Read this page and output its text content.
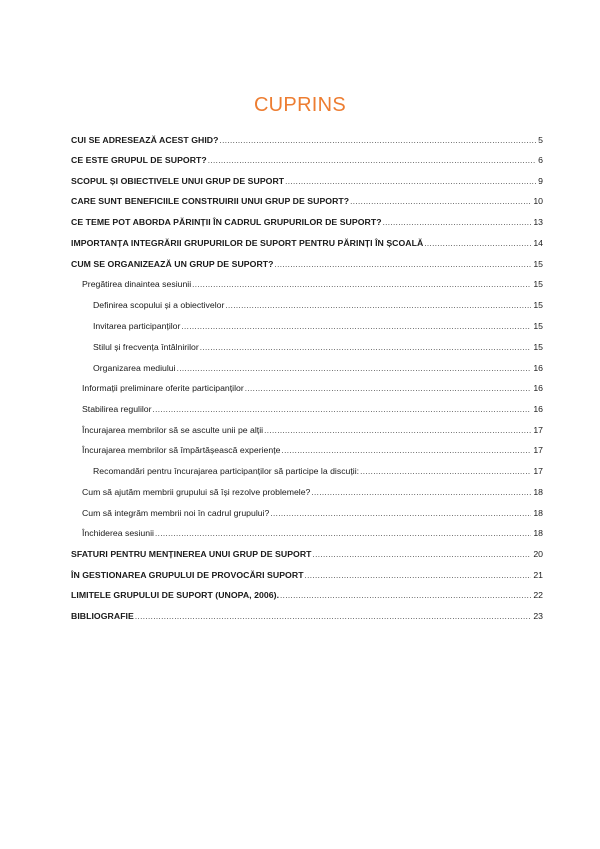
CUPRINS
CUI SE ADRESEAZĂ ACEST GHID? .....	5
CE ESTE GRUPUL DE SUPORT? .....	6
SCOPUL ȘI OBIECTIVELE UNUI GRUP DE SUPORT .....	9
CARE SUNT BENEFICIILE CONSTRUIRII UNUI GRUP DE SUPORT? .....	10
CE TEME POT ABORDA PĂRINȚII ÎN CADRUL GRUPURILOR DE SUPORT? .....	13
IMPORTANȚA INTEGRĂRII GRUPURILOR DE SUPORT PENTRU PĂRINȚI ÎN ȘCOALĂ .....	14
CUM SE ORGANIZEAZĂ UN GRUP DE SUPORT? .....	15
Pregătirea dinaintea sesiunii .....	15
Definirea scopului și a obiectivelor .....	15
Invitarea participanților .....	15
Stilul și frecvența întâlnirilor .....	15
Organizarea mediului .....	16
Informații preliminare oferite participanților .....	16
Stabilirea regulilor .....	16
Încurajarea membrilor să se asculte unii pe alții .....	17
Încurajarea membrilor să împărtășească experiențe .....	17
Recomandări pentru încurajarea participanților să participe la discuții: .....	17
Cum să ajutăm membrii grupului să își rezolve problemele? .....	18
Cum să integrăm membrii noi în cadrul grupului? .....	18
Închiderea sesiunii .....	18
SFATURI PENTRU MENȚINEREA UNUI GRUP DE SUPORT .....	20
ÎN GESTIONAREA GRUPULUI DE PROVOCĂRI SUPORT .....	21
LIMITELE GRUPULUI DE SUPORT (UNOPA, 2006). .....	22
BIBLIOGRAFIE .....	23
